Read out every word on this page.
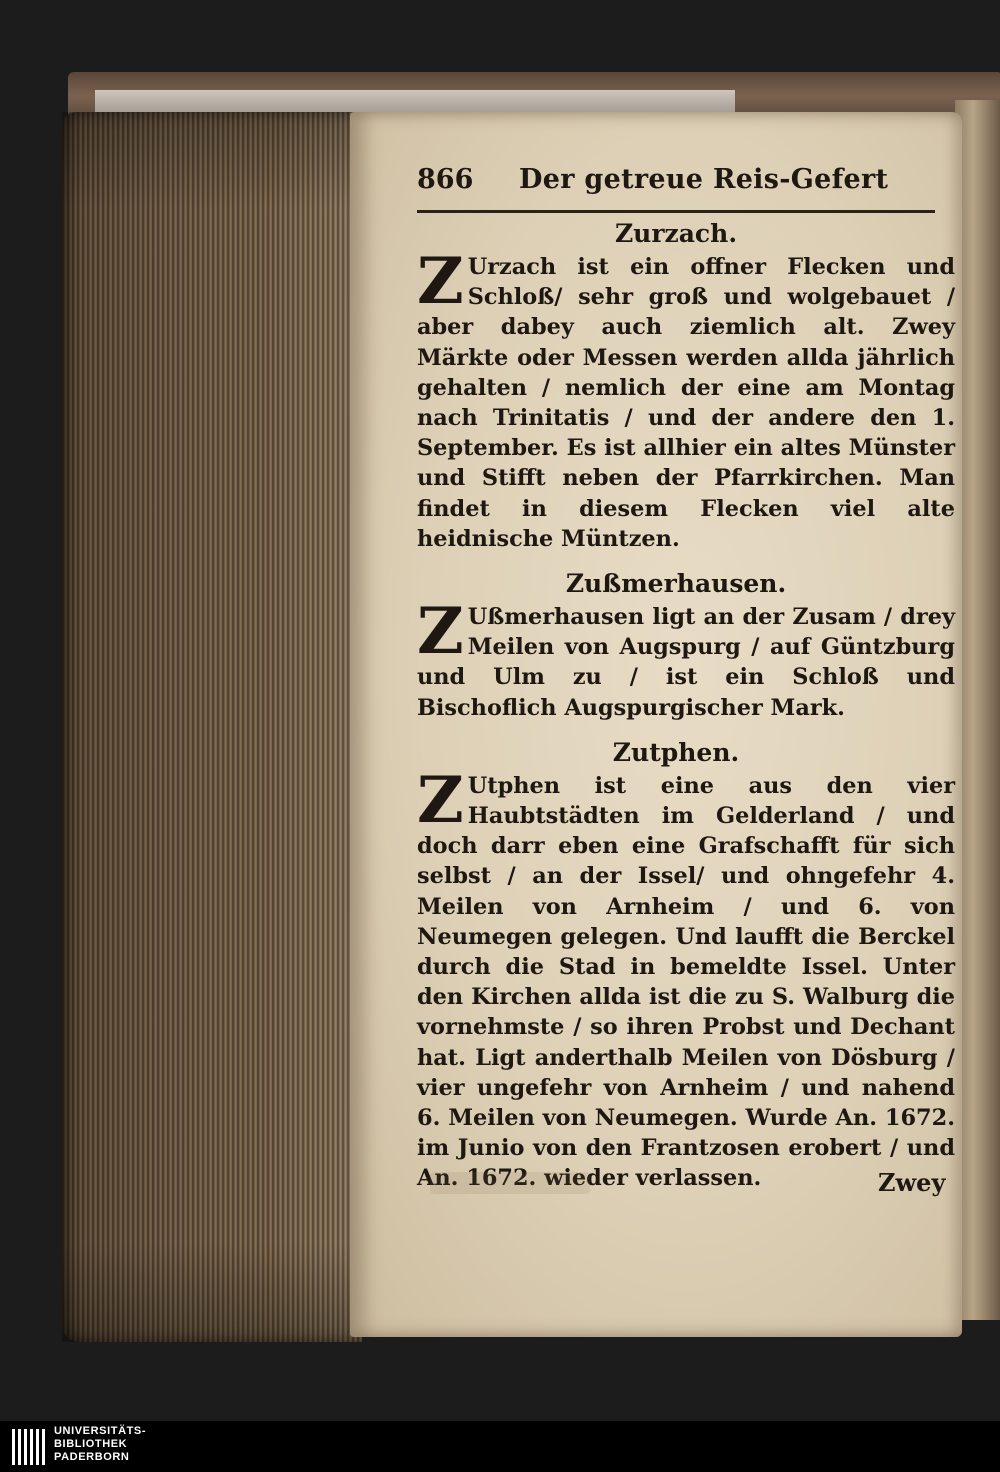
866 Der getreue Reis-Gefert
Zurzach.

Z Urzach ist ein offner Flecken und Schloß/ sehr groß und wolgebauet / aber dabey auch ziemlich alt. Zwey Märkte oder Messen werden allda jährlich gehalten / nemlich der eine am Montag nach Trinitatis / und der andere den 1. September. Es ist allhier ein altes Münster und Stifft neben der Pfarrkirchen. Man findet in diesem Flecken viel alte heidnische Müntzen.

Zußmerhausen.

Z Ußmerhausen ligt an der Zusam / drey Meilen von Augspurg / auf Güntzburg und Ulm zu / ist ein Schloß und Bischoflich Augspurgischer Mark.

Zutphen.

Z Utphen ist eine aus den vier Haubtstädten im Gelderland / und doch darr eben eine Grafschafft für sich selbst / an der Issel/ und ohngefehr 4. Meilen von Arnheim / und 6. von Neumegen gelegen. Und laufft die Berckel durch die Stad in bemeldte Issel. Unter den Kirchen allda ist die zu S. Walburg die vornehmste / so ihren Probst und Dechant hat. Ligt anderthalb Meilen von Dösburg / vier ungefehr von Arnheim / und nahend 6. Meilen von Neumegen. Wurde An. 1672. im Junio von den Frantzosen erobert / und An. 1672. wieder verlassen.	Zwey
UNIVERSITÄTS-
BIBLIOTHEK
PADERBORN
